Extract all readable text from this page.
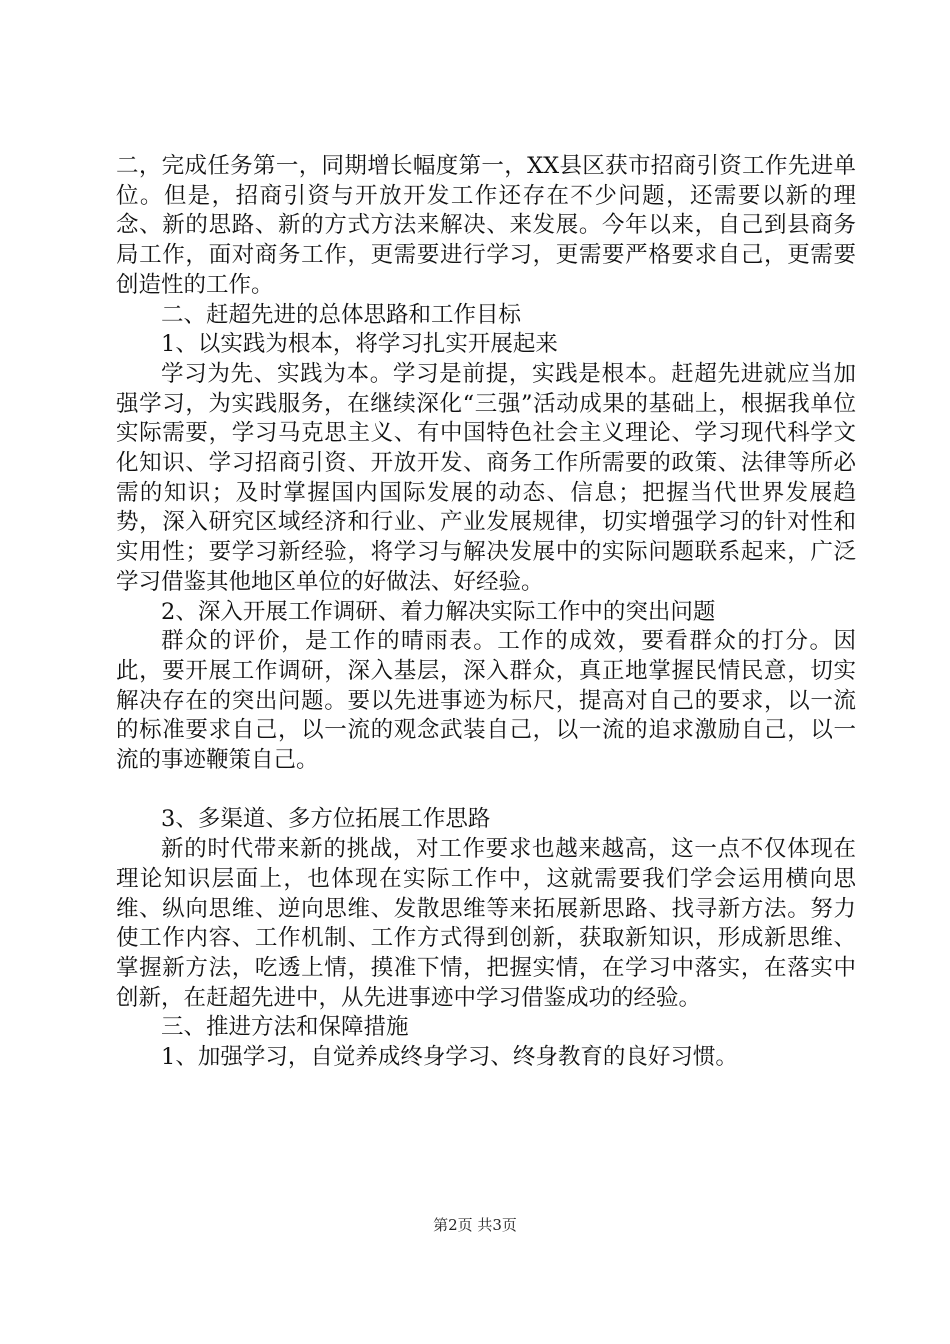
二，完成任务第一，同期增长幅度第一，XX县区获市招商引资工作先进单位。但是，招商引资与开放开发工作还存在不少问题，还需要以新的理念、新的思路、新的方式方法来解决、来发展。今年以来，自己到县商务局工作，面对商务工作，更需要进行学习，更需要严格要求自己，更需要创造性的工作。

二、赶超先进的总体思路和工作目标

1、以实践为根本，将学习扎实开展起来

学习为先、实践为本。学习是前提，实践是根本。赶超先进就应当加强学习，为实践服务，在继续深化“三强”活动成果的基础上，根据我单位实际需要，学习马克思主义、有中国特色社会主义理论、学习现代科学文化知识、学习招商引资、开放开发、商务工作所需要的政策、法律等所必需的知识；及时掌握国内国际发展的动态、信息；把握当代世界发展趋势，深入研究区域经济和行业、产业发展规律，切实增强学习的针对性和实用性；要学习新经验，将学习与解决发展中的实际问题联系起来，广泛学习借鉴其他地区单位的好做法、好经验。

2、深入开展工作调研、着力解决实际工作中的突出问题

群众的评价，是工作的晴雨表。工作的成效，要看群众的打分。因此，要开展工作调研，深入基层，深入群众，真正地掌握民情民意，切实解决存在的突出问题。要以先进事迹为标尺，提高对自己的要求，以一流的标准要求自己，以一流的观念武装自己，以一流的追求激励自己，以一流的事迹鞭策自己。

3、多渠道、多方位拓展工作思路

新的时代带来新的挑战，对工作要求也越来越高，这一点不仅体现在理论知识层面上，也体现在实际工作中，这就需要我们学会运用横向思维、纵向思维、逆向思维、发散思维等来拓展新思路、找寻新方法。努力使工作内容、工作机制、工作方式得到创新，获取新知识，形成新思维、掌握新方法，吃透上情，摸准下情，把握实情，在学习中落实，在落实中创新，在赶超先进中，从先进事迹中学习借鉴成功的经验。

三、推进方法和保障措施

1、加强学习，自觉养成终身学习、终身教育的良好习惯。

第2页 共3页
